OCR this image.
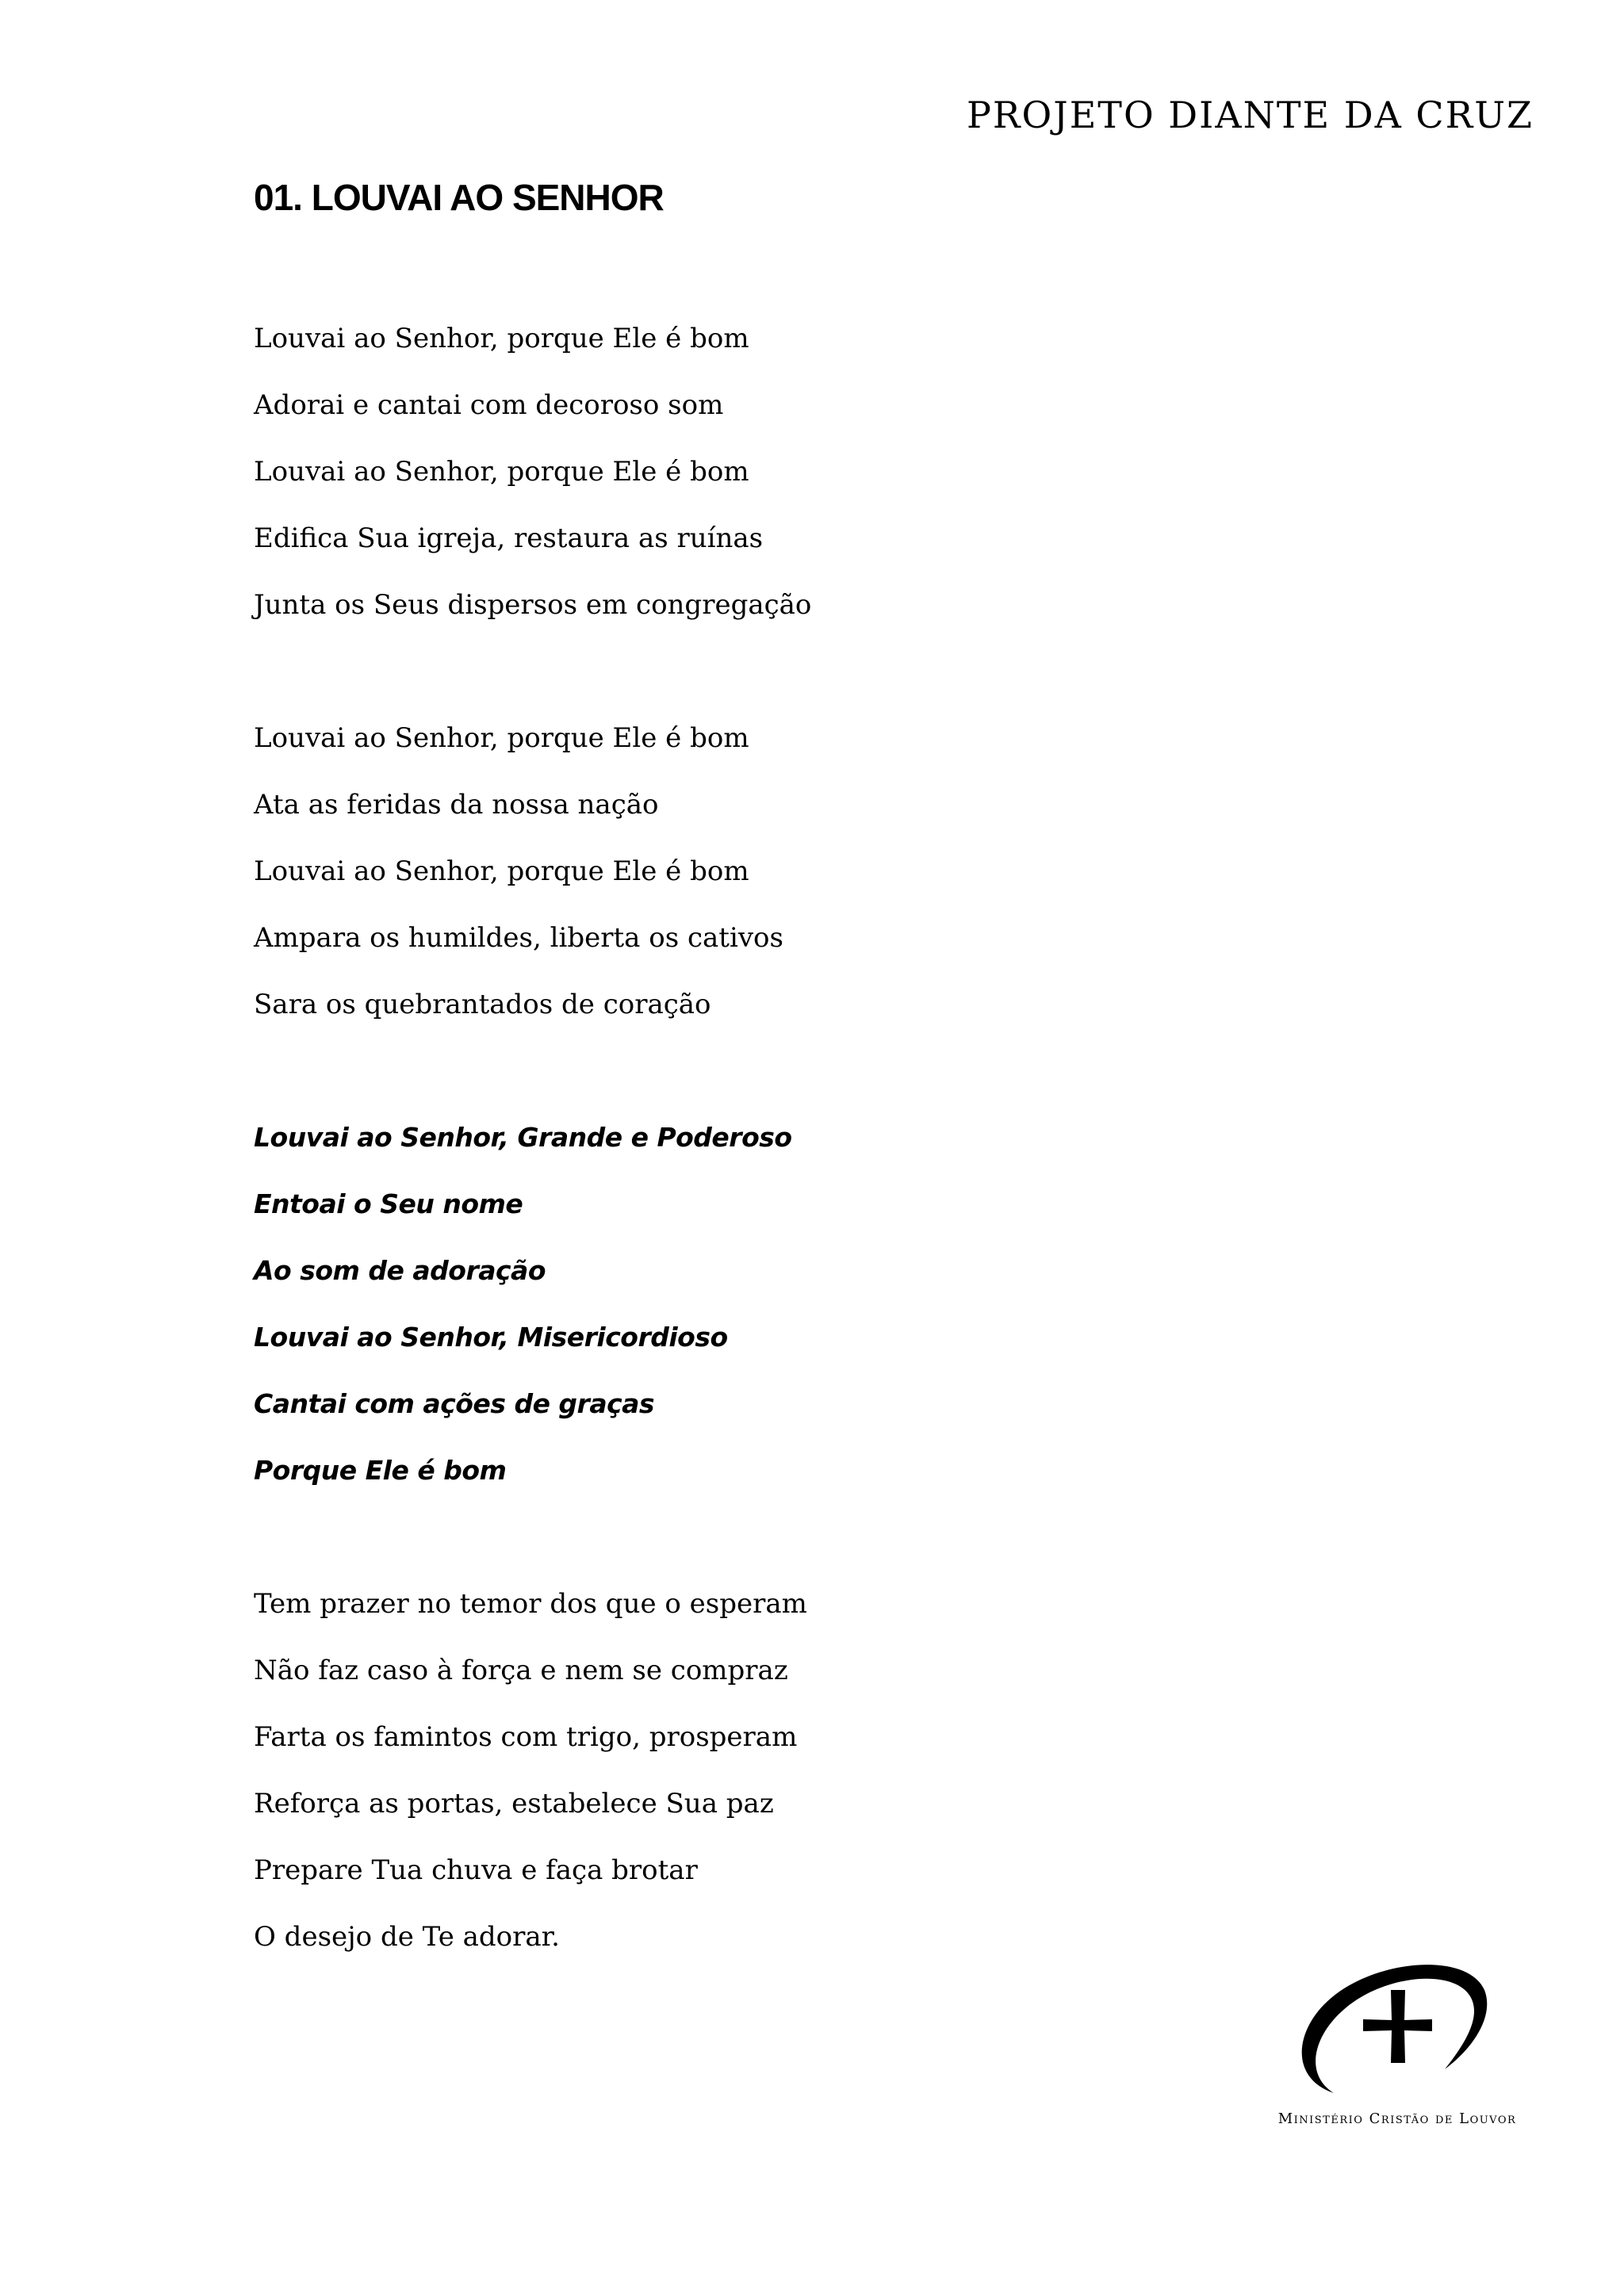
PROJETO DIANTE DA CRUZ
01. LOUVAI AO SENHOR
Louvai ao Senhor, porque Ele é bom
Adorai e cantai com decoroso som
Louvai ao Senhor, porque Ele é bom
Edifica Sua igreja, restaura as ruínas
Junta os Seus dispersos em congregação
Louvai ao Senhor, porque Ele é bom
Ata as feridas da nossa nação
Louvai ao Senhor, porque Ele é bom
Ampara os humildes, liberta os cativos
Sara os quebrantados de coração
Louvai ao Senhor, Grande e Poderoso
Entoai o Seu nome
Ao som de adoração
Louvai ao Senhor, Misericordioso
Cantai com ações de graças
Porque Ele é bom
Tem prazer no temor dos que o esperam
Não faz caso à força e nem se compraz
Farta os famintos com trigo, prosperam
Reforça as portas, estabelece Sua paz
Prepare Tua chuva e faça brotar
O desejo de Te adorar.
Ministério Cristão de Louvor
